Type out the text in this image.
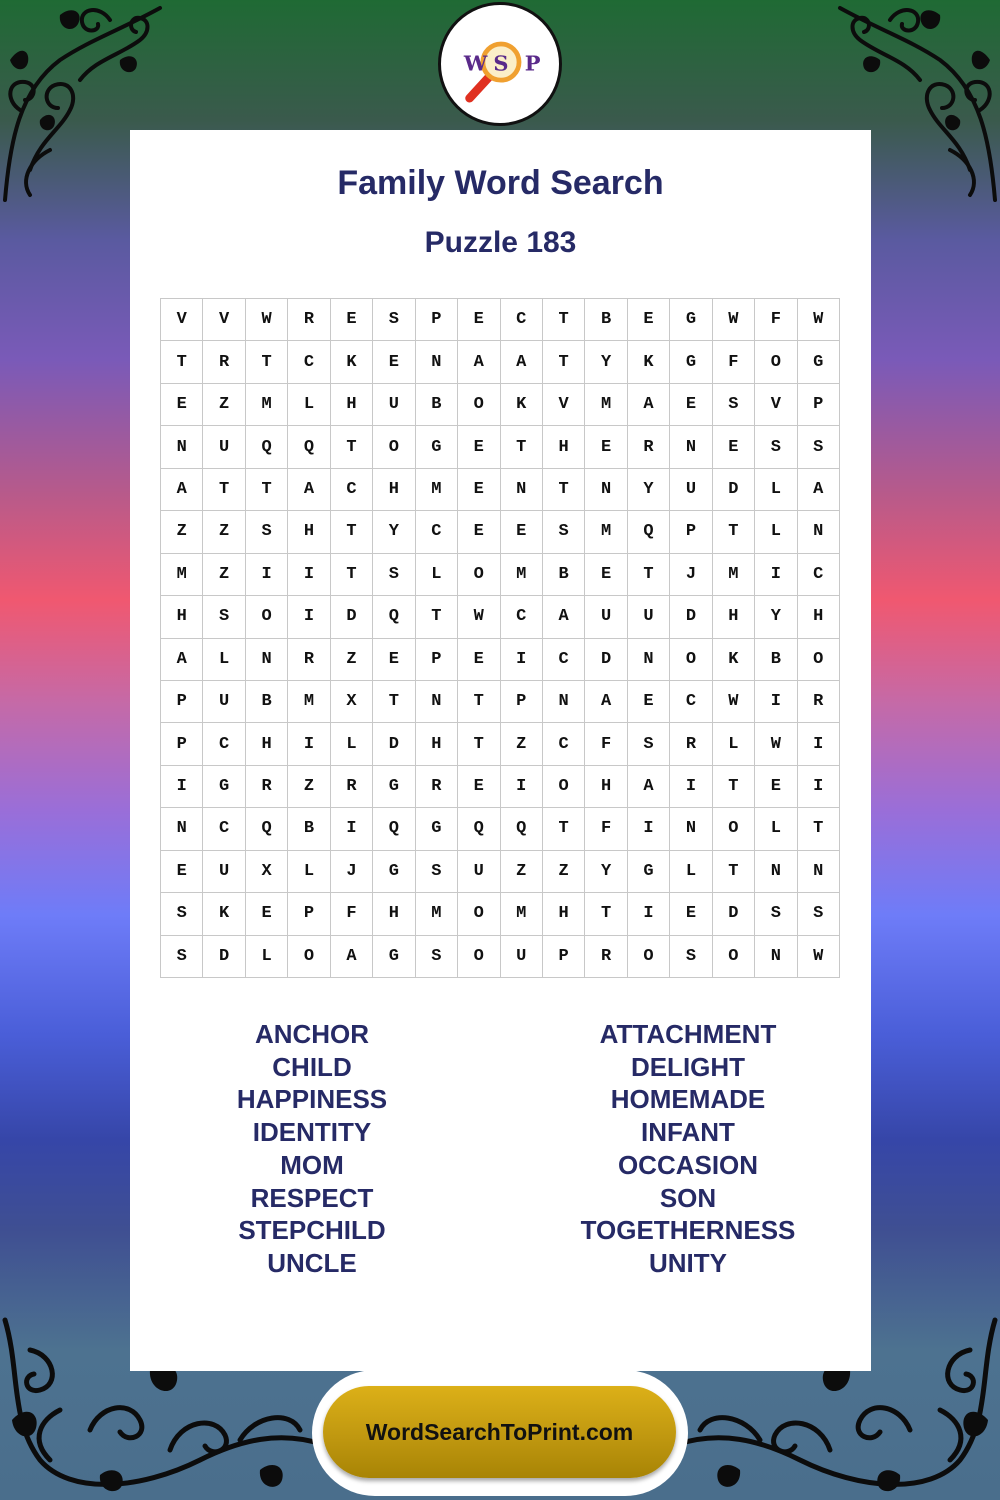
W S P
Family Word Search
Puzzle 183
V	V	W	R	E	S	P	E	C	T	B	E	G	W	F	W
T	R	T	C	K	E	N	A	A	T	Y	K	G	F	O	G
E	Z	M	L	H	U	B	O	K	V	M	A	E	S	V	P
N	U	Q	Q	T	O	G	E	T	H	E	R	N	E	S	S
A	T	T	A	C	H	M	E	N	T	N	Y	U	D	L	A
Z	Z	S	H	T	Y	C	E	E	S	M	Q	P	T	L	N
M	Z	I	I	T	S	L	O	M	B	E	T	J	M	I	C
H	S	O	I	D	Q	T	W	C	A	U	U	D	H	Y	H
A	L	N	R	Z	E	P	E	I	C	D	N	O	K	B	O
P	U	B	M	X	T	N	T	P	N	A	E	C	W	I	R
P	C	H	I	L	D	H	T	Z	C	F	S	R	L	W	I
I	G	R	Z	R	G	R	E	I	O	H	A	I	T	E	I
N	C	Q	B	I	Q	G	Q	Q	T	F	I	N	O	L	T
E	U	X	L	J	G	S	U	Z	Z	Y	G	L	T	N	N
S	K	E	P	F	H	M	O	M	H	T	I	E	D	S	S
S	D	L	O	A	G	S	O	U	P	R	O	S	O	N	W
ANCHOR
CHILD
HAPPINESS
IDENTITY
MOM
RESPECT
STEPCHILD
UNCLE
ATTACHMENT
DELIGHT
HOMEMADE
INFANT
OCCASION
SON
TOGETHERNESS
UNITY
WordSearchToPrint.com
